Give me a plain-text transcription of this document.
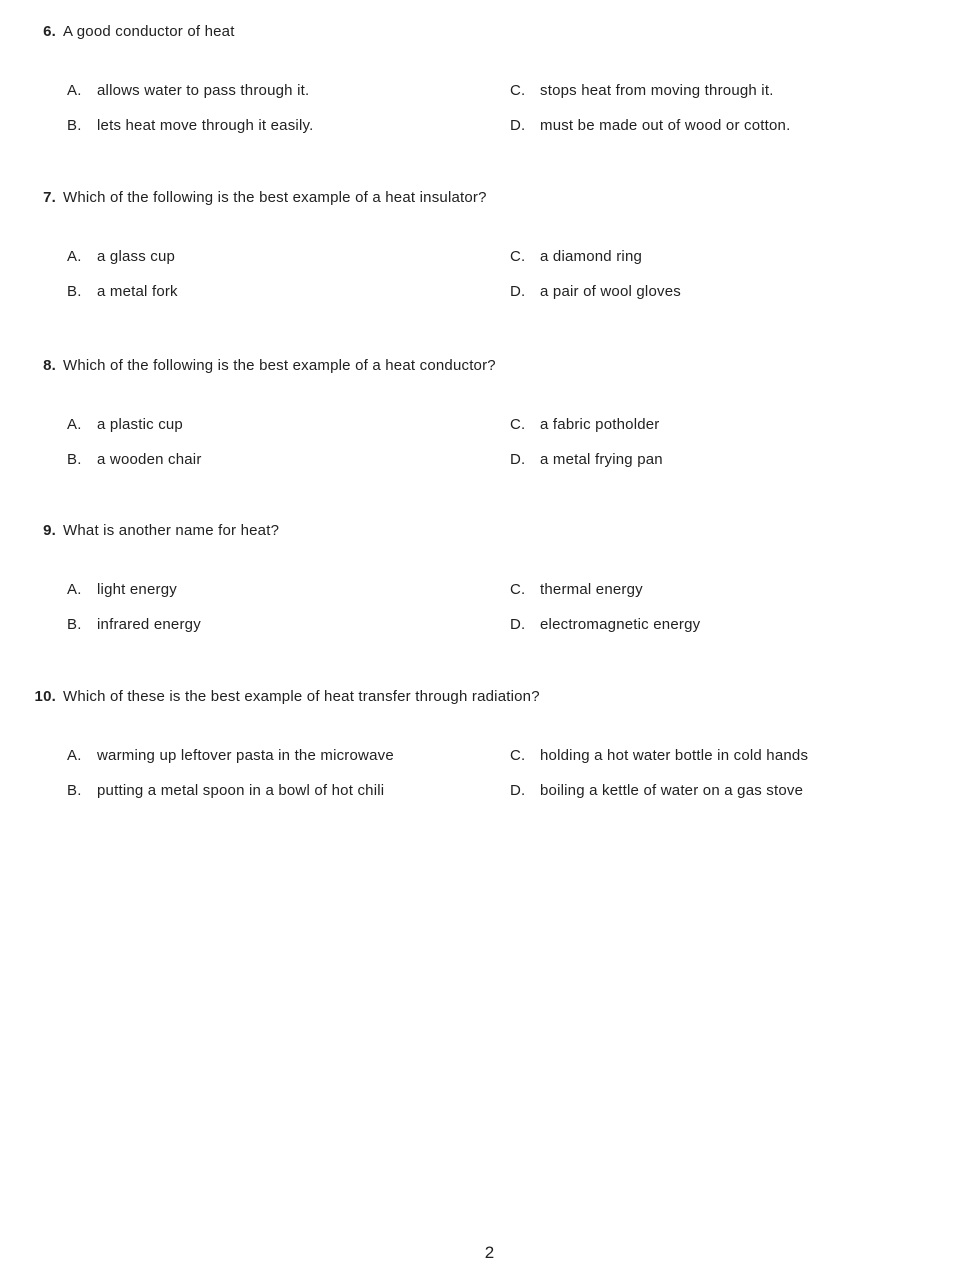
6. A good conductor of heat
A.	allows water to pass through it.	C. stops heat from moving through it.
B.	lets heat move through it easily.	D. must be made out of wood or cotton.
7. Which of the following is the best example of a heat insulator?
A.	a glass cup	C. a diamond ring
B.	a metal fork	D. a pair of wool gloves
8. Which of the following is the best example of a heat conductor?
A.	a plastic cup	C. a fabric potholder
B.	a wooden chair	D. a metal frying pan
9. What is another name for heat?
A.	light energy	C. thermal energy
B.	infrared energy	D. electromagnetic energy
10. Which of these is the best example of heat transfer through radiation?
A.	warming up leftover pasta in the microwave	C. holding a hot water bottle in cold hands
B.	putting a metal spoon in a bowl of hot chili	D. boiling a kettle of water on a gas stove
2
